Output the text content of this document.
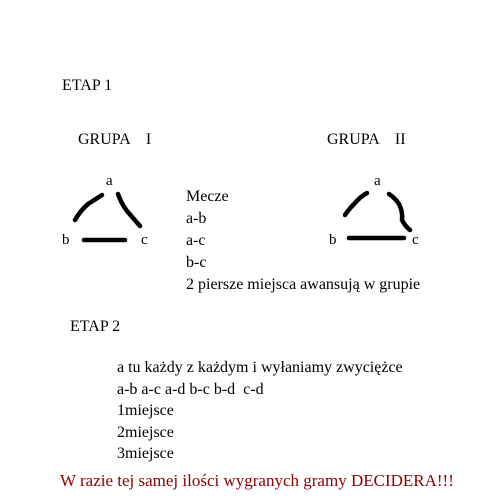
ETAP 1
GRUPA    I
a
b	c
GRUPA    II
a
b	c
Mecze
a-b
a-c
b-c
2 piersze miejsca awansują w grupie
ETAP 2
a tu każdy z każdym i wyłaniamy zwyciężce
a-b a-c a-d b-c b-d  c-d
1miejsce
2miejsce
3miejsce
W razie tej samej ilości wygranych gramy DECIDERA!!!
